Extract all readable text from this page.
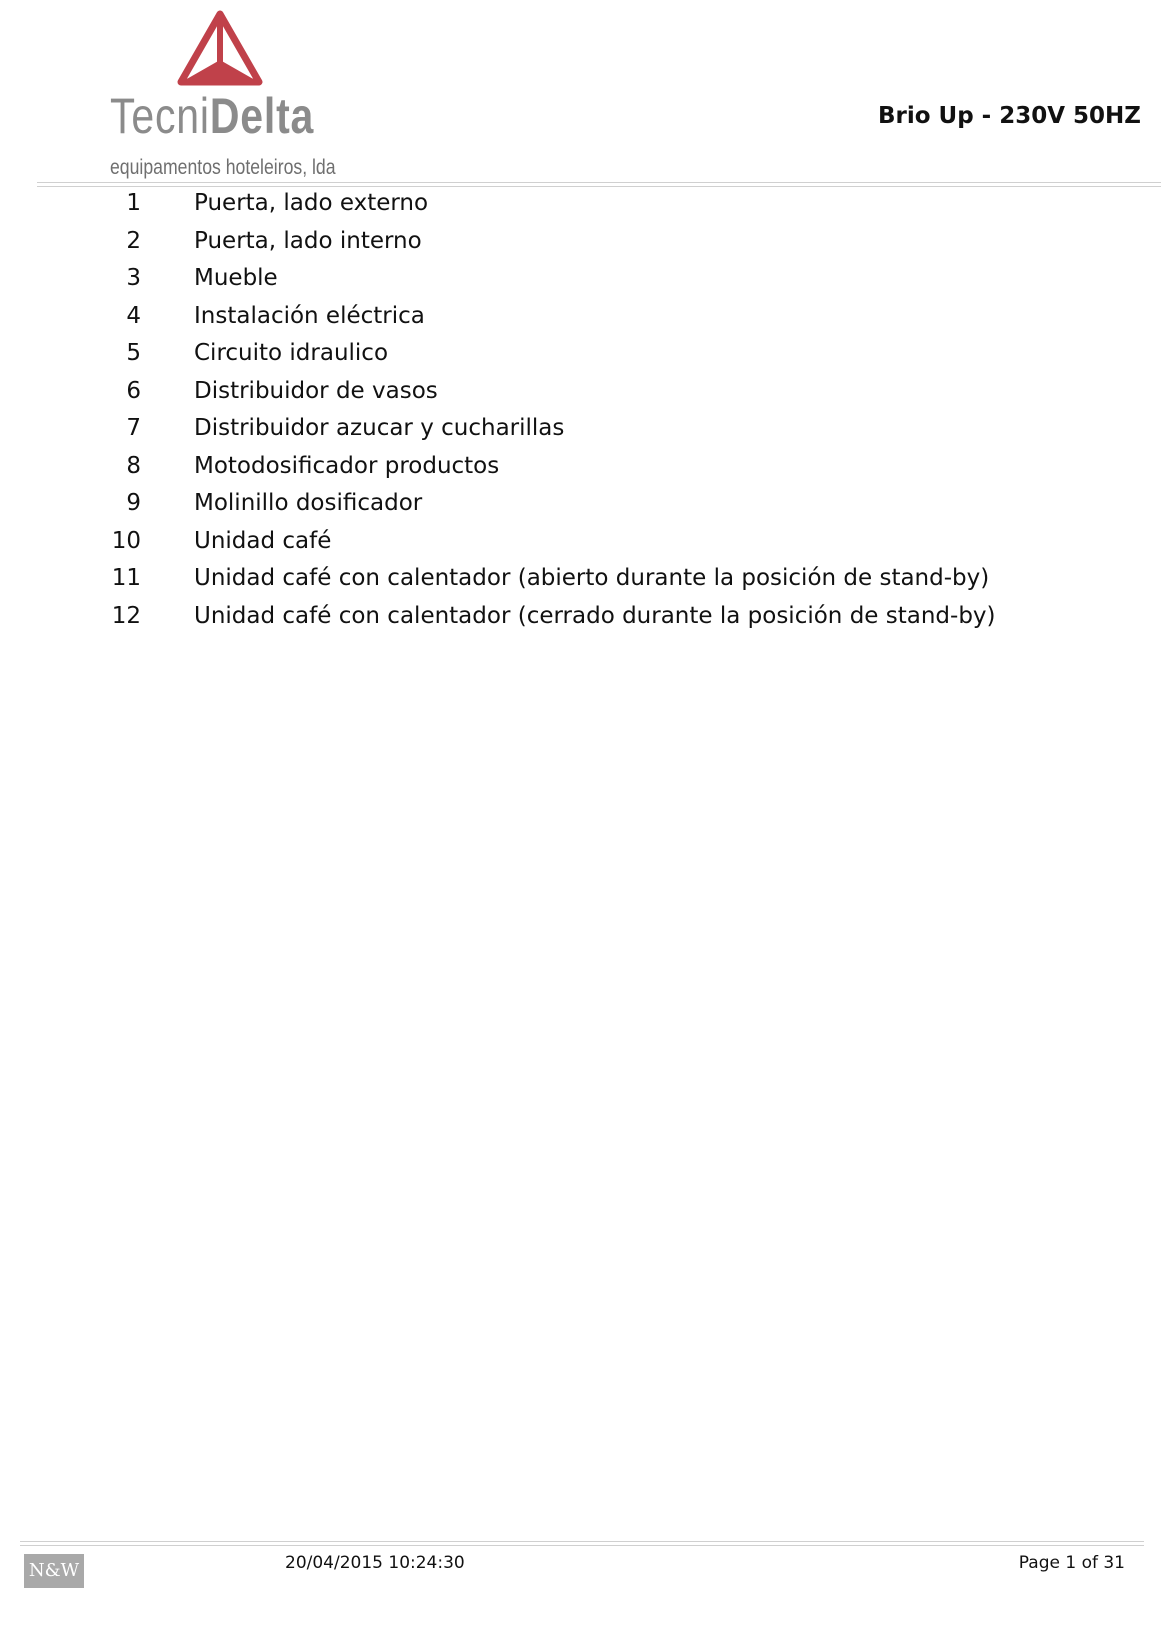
TecniDelta
equipamentos hoteleiros, lda
Brio Up - 230V 50HZ
1 Puerta, lado externo
2 Puerta, lado interno
3 Mueble
4 Instalación eléctrica
5 Circuito idraulico
6 Distribuidor de vasos
7 Distribuidor azucar y cucharillas
8 Motodosificador productos
9 Molinillo dosificador
10 Unidad café
11 Unidad café con calentador (abierto durante la posición de stand-by)
12 Unidad café con calentador (cerrado durante la posición de stand-by)
N&W	20/04/2015 10:24:30	Page 1 of 31
